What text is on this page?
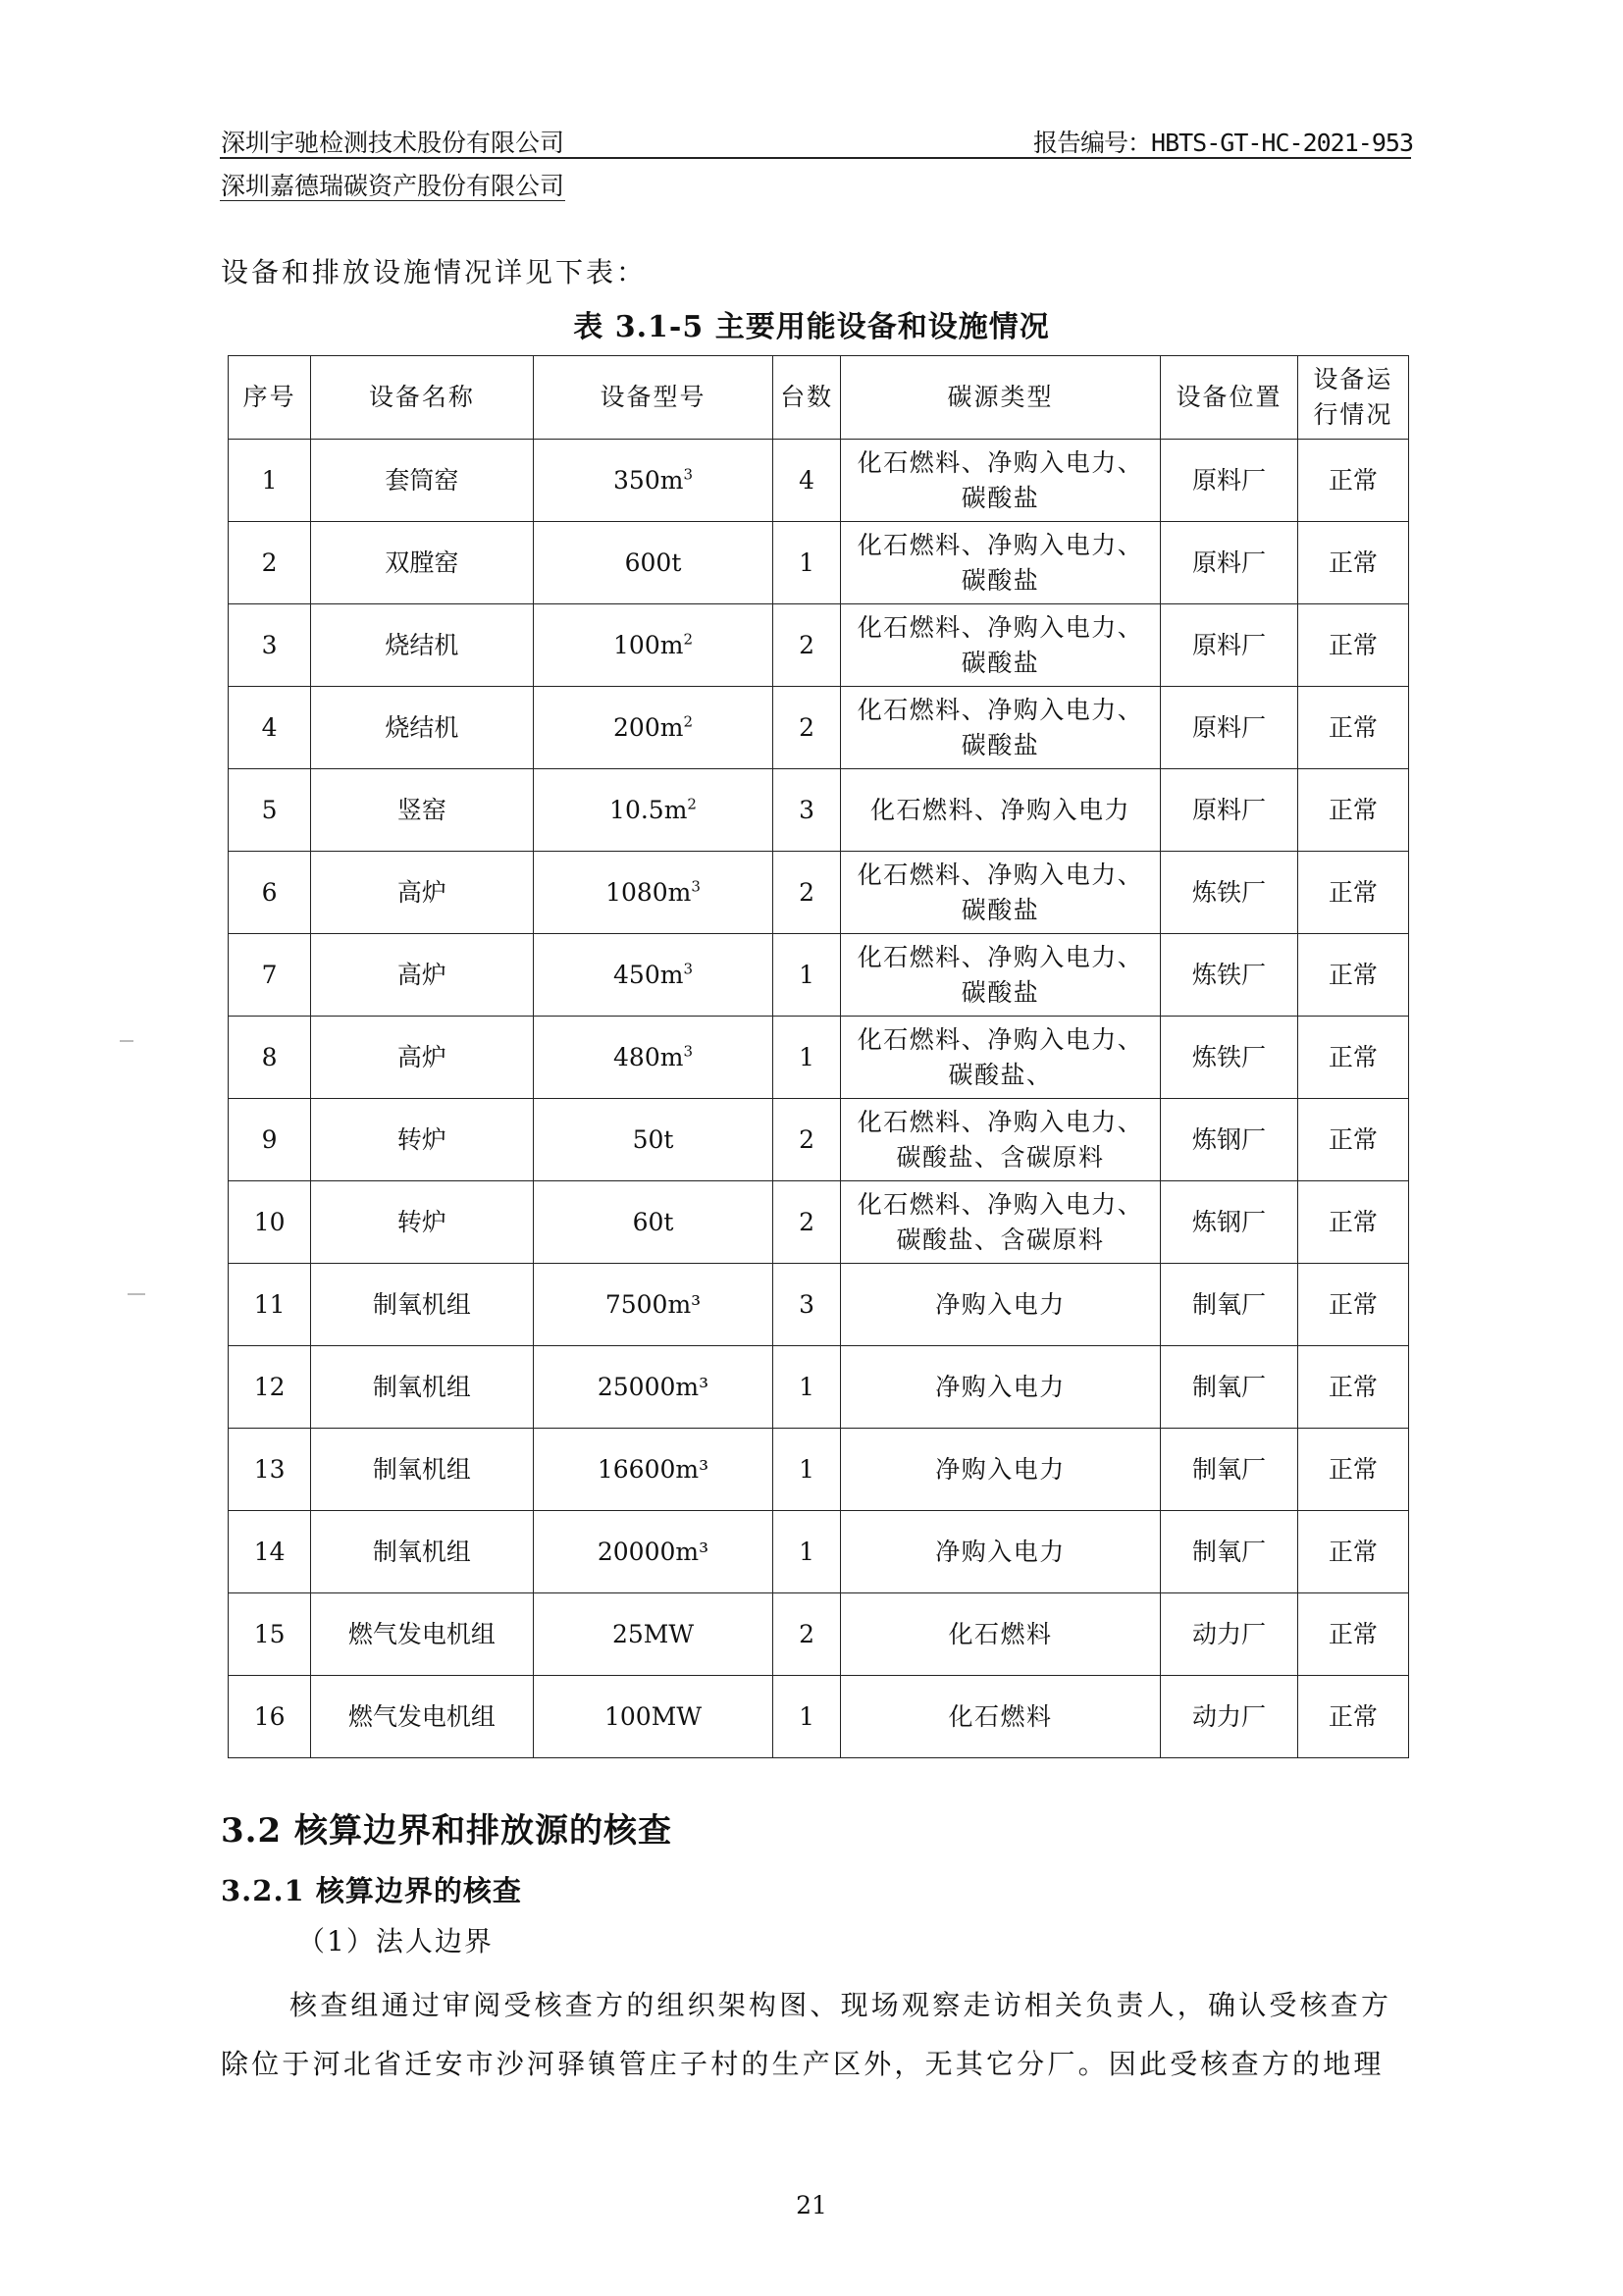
深圳宇驰检测技术股份有限公司	报告编号：HBTS-GT-HC-2021-953
深圳嘉德瑞碳资产股份有限公司
设备和排放设施情况详见下表：
表 3.1-5 主要用能设备和设施情况
序号	设备名称	设备型号	台数	碳源类型	设备位置	设备运行情况
1	套筒窑	$350m^3$	4	化石燃料、净购入电力、碳酸盐	原料厂	正常
2	双膛窑	600t	1	化石燃料、净购入电力、碳酸盐	原料厂	正常
3	烧结机	$100m^2$	2	化石燃料、净购入电力、碳酸盐	原料厂	正常
4	烧结机	$200m^2$	2	化石燃料、净购入电力、碳酸盐	原料厂	正常
5	竖窑	$10.5m^2$	3	化石燃料、净购入电力	原料厂	正常
6	高炉	$1080m^3$	2	化石燃料、净购入电力、碳酸盐	炼铁厂	正常
7	高炉	$450m^3$	1	化石燃料、净购入电力、碳酸盐	炼铁厂	正常
8	高炉	$480m^3$	1	化石燃料、净购入电力、碳酸盐、	炼铁厂	正常
9	转炉	50t	2	化石燃料、净购入电力、碳酸盐、含碳原料	炼钢厂	正常
10	转炉	60t	2	化石燃料、净购入电力、碳酸盐、含碳原料	炼钢厂	正常
11	制氧机组	7500m³	3	净购入电力	制氧厂	正常
12	制氧机组	25000m³	1	净购入电力	制氧厂	正常
13	制氧机组	16600m³	1	净购入电力	制氧厂	正常
14	制氧机组	20000m³	1	净购入电力	制氧厂	正常
15	燃气发电机组	25MW	2	化石燃料	动力厂	正常
16	燃气发电机组	100MW	1	化石燃料	动力厂	正常
3.2 核算边界和排放源的核查
3.2.1 核算边界的核查
（1）法人边界
核查组通过审阅受核查方的组织架构图、现场观察走访相关负责人，确认受核查方除位于河北省迁安市沙河驿镇管庄子村的生产区外，无其它分厂。因此受核查方的地理
21
